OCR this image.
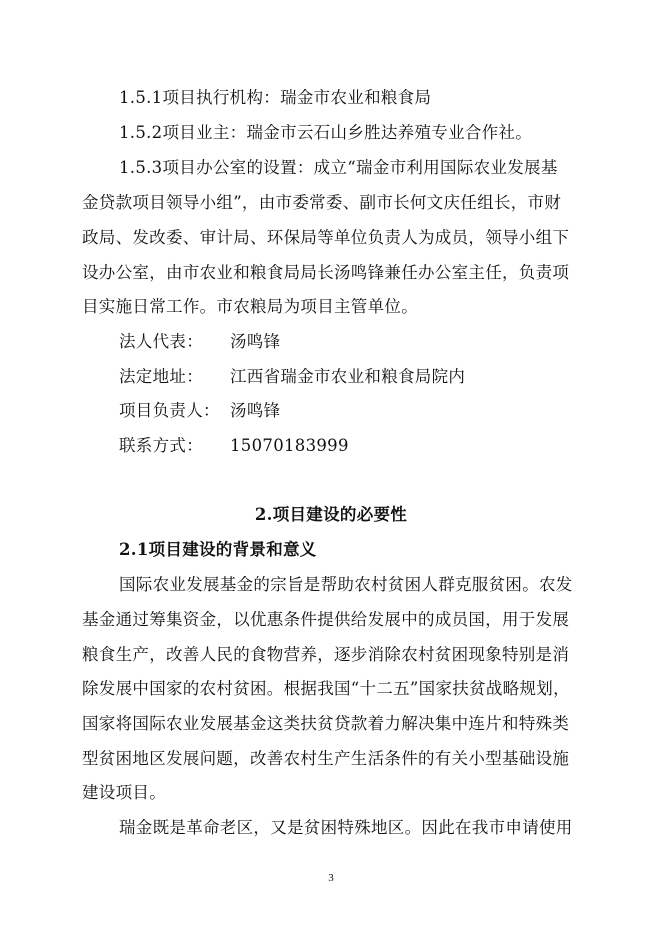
1.5.1项目执行机构：瑞金市农业和粮食局
1.5.2项目业主：瑞金市云石山乡胜达养殖专业合作社。
1.5.3项目办公室的设置：成立“瑞金市利用国际农业发展基
金贷款项目领导小组”，由市委常委、副市长何文庆任组长，市财
政局、发改委、审计局、环保局等单位负责人为成员，领导小组下
设办公室，由市农业和粮食局局长汤鸣锋兼任办公室主任，负责项
目实施日常工作。市农粮局为项目主管单位。
法人代表： 汤鸣锋
法定地址： 江西省瑞金市农业和粮食局院内
项目负责人： 汤鸣锋
联系方式： 15070183999
2.项目建设的必要性
2.1项目建设的背景和意义
国际农业发展基金的宗旨是帮助农村贫困人群克服贫困。农发
基金通过筹集资金，以优惠条件提供给发展中的成员国，用于发展
粮食生产，改善人民的食物营养，逐步消除农村贫困现象特别是消
除发展中国家的农村贫困。根据我国“十二五”国家扶贫战略规划，
国家将国际农业发展基金这类扶贫贷款着力解决集中连片和特殊类
型贫困地区发展问题，改善农村生产生活条件的有关小型基础设施
建设项目。
瑞金既是革命老区，又是贫困特殊地区。因此在我市申请使用
3
